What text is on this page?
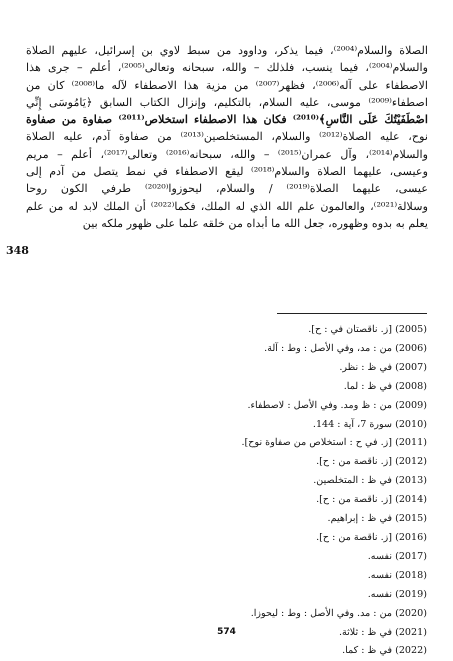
الصلاة والسلام⁽²⁰⁰⁴⁾، فيما يذكر، وداوود من سبط لاوي بن إسرائيل، عليهم الصلاة
والسلام⁽²⁰⁰⁴⁾، فيما ينسب، فلذلك – والله، سبحانه وتعالى⁽²⁰⁰⁵⁾، أعلم – جرى هذا
الاصطفاء على آله⁽²⁰⁰⁶⁾، فظهر⁽²⁰⁰⁷⁾ من مزية هذا الاصطفاء لآله ما⁽²⁰⁰⁸⁾ كان من
اصطفاء⁽²⁰⁰⁹⁾ موسى، عليه السلام، بالتكليم، وإنزال الكتاب السابق ﴿يَامُوسَى إِنِّي
اصْطَفَيْتُكَ عَلَى النَّاسِ﴾⁽²⁰¹⁰⁾ فكان هذا الاصطفاء استخلاص⁽²⁰¹¹⁾ صفاوة من صفاوة
نوح، عليه الصلاة⁽²⁰¹²⁾ والسلام، المستخلصين⁽²⁰¹³⁾ من صفاوة آدم، عليه الصلاة
والسلام⁽²⁰¹⁴⁾، وآل عمران⁽²⁰¹⁵⁾ – والله، سبحانه⁽²⁰¹⁶⁾ وتعالى⁽²⁰¹⁷⁾، أعلم – مريم
وعيسى، عليهما الصلاة والسلام⁽²⁰¹⁸⁾ ليقع الاصطفاء في نمط يتصل من آدم إلى
عيسى، عليهما الصلاة⁽²⁰¹⁹⁾ / والسلام، ليحوزوا⁽²⁰²⁰⁾ طرفي الكون روحا
وسلالة⁽²⁰²¹⁾، والعالمون علم الله الذي له الملك، فكما⁽²⁰²²⁾ أن الملك لابد له من علم
يعلم به بدوه وظهوره، جعل الله ما أبداه من خلقه علما على ظهور ملكه بين
348
(2005) [ز. ناقصتان في : ح].
(2006) من : مد، وفي الأصل : وط : آلة.
(2007) في ظ : نظر.
(2008) في ظ : لما.
(2009) من : ظ ومد. وفي الأصل : لاصطفاء.
(2010) سورة 7، آية : 144.
(2011) [ز. في ح : استخلاص من صفاوة نوح].
(2012) [ز. ناقصة من : ح].
(2013) في ظ : المتخلصين.
(2014) [ز. ناقصة من : ح].
(2015) في ظ : إبراهيم.
(2016) [ز. ناقصة من : ح].
(2017) نفسه.
(2018) نفسه.
(2019) نفسه.
(2020) من : مد. وفي الأصل : وط : ليحوزا.
(2021) في ظ : ثلاثة.
(2022) في ظ : كما.
574
